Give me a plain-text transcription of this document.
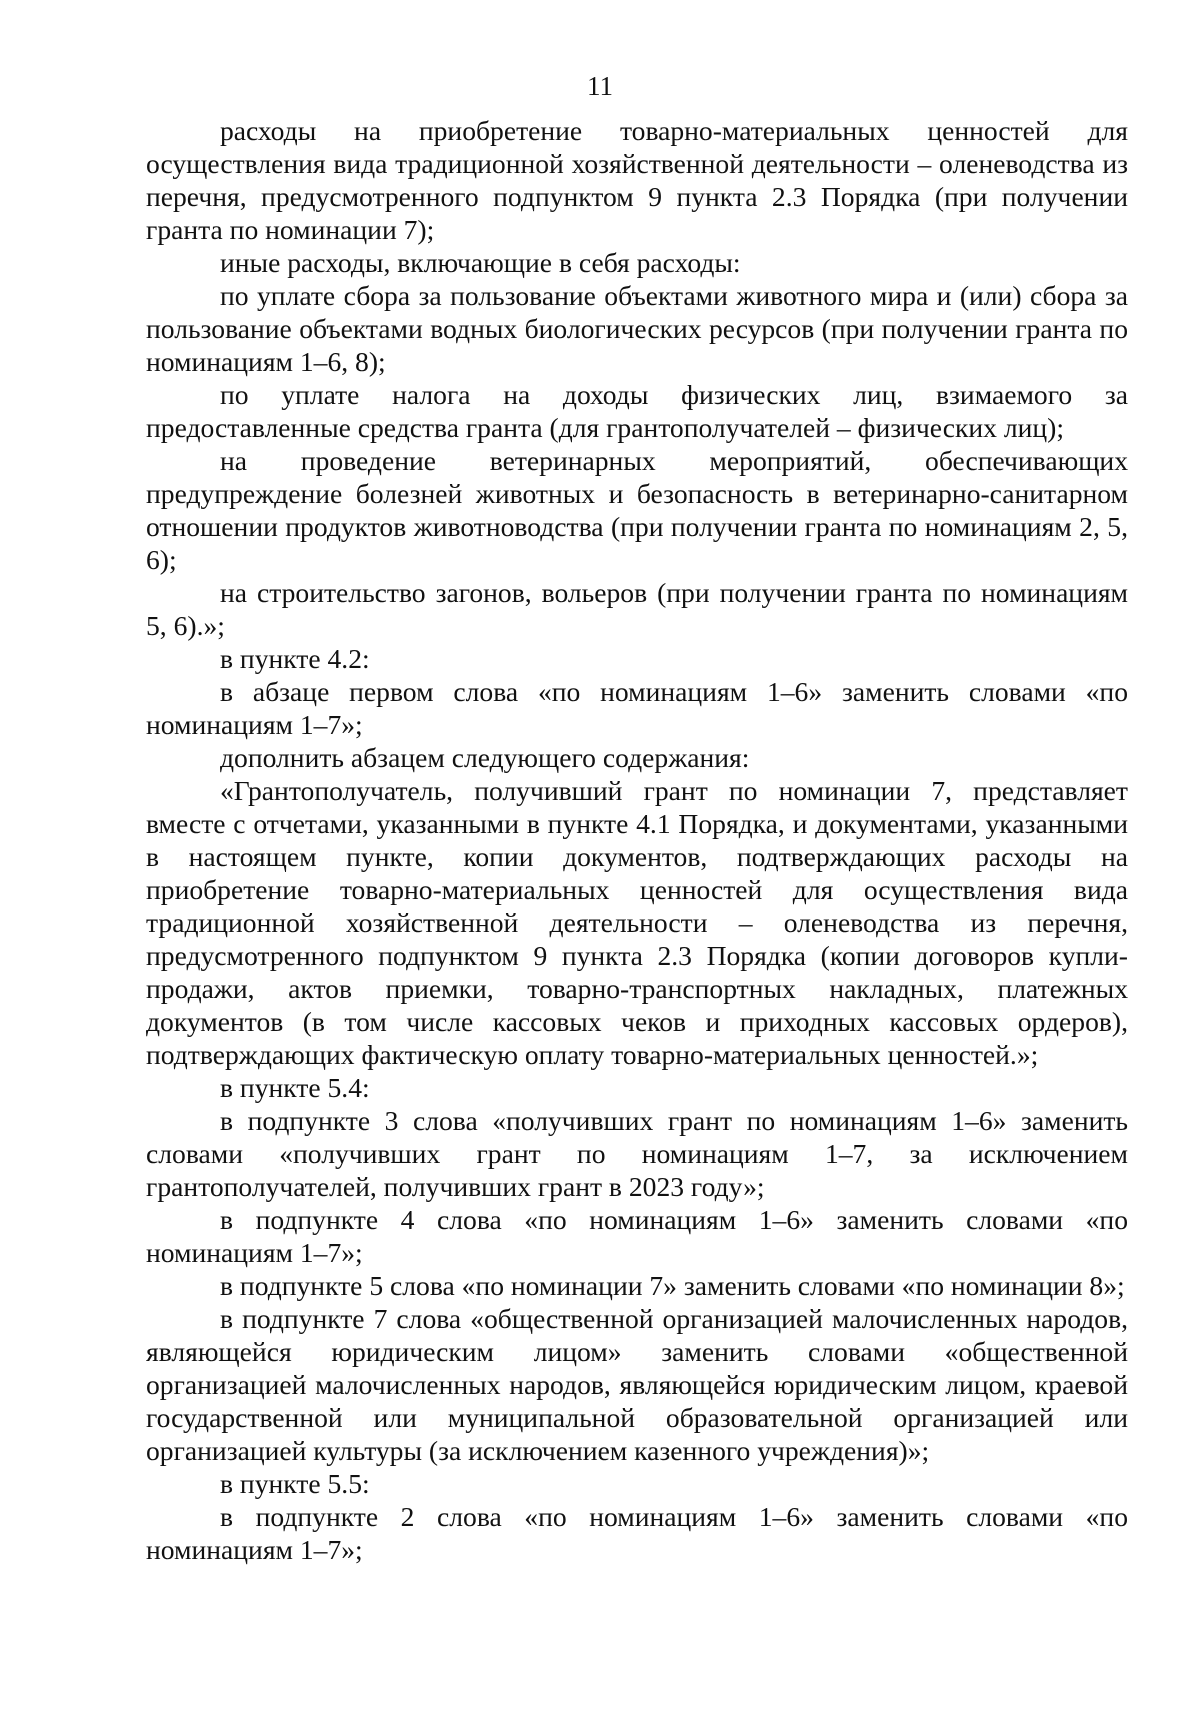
11

расходы на приобретение товарно-материальных ценностей для осуществления вида традиционной хозяйственной деятельности – оленеводства из перечня, предусмотренного подпунктом 9 пункта 2.3 Порядка (при получении гранта по номинации 7);

иные расходы, включающие в себя расходы:

по уплате сбора за пользование объектами животного мира и (или) сбора за пользование объектами водных биологических ресурсов (при получении гранта по номинациям 1–6, 8);

по уплате налога на доходы физических лиц, взимаемого за предоставленные средства гранта (для грантополучателей – физических лиц);

на проведение ветеринарных мероприятий, обеспечивающих предупреждение болезней животных и безопасность в ветеринарно-санитарном отношении продуктов животноводства (при получении гранта по номинациям 2, 5, 6);

на строительство загонов, вольеров (при получении гранта по номинациям 5, 6).»;

в пункте 4.2:

в абзаце первом слова «по номинациям 1–6» заменить словами «по номинациям 1–7»;

дополнить абзацем следующего содержания:

«Грантополучатель, получивший грант по номинации 7, представляет вместе с отчетами, указанными в пункте 4.1 Порядка, и документами, указанными в настоящем пункте, копии документов, подтверждающих расходы на приобретение товарно-материальных ценностей для осуществления вида традиционной хозяйственной деятельности – оленеводства из перечня, предусмотренного подпунктом 9 пункта 2.3 Порядка (копии договоров купли-продажи, актов приемки, товарно-транспортных накладных, платежных документов (в том числе кассовых чеков и приходных кассовых ордеров), подтверждающих фактическую оплату товарно-материальных ценностей.»;

в пункте 5.4:

в подпункте 3 слова «получивших грант по номинациям 1–6» заменить словами «получивших грант по номинациям 1–7, за исключением грантополучателей, получивших грант в 2023 году»;

в подпункте 4 слова «по номинациям 1–6» заменить словами «по номинациям 1–7»;

в подпункте 5 слова «по номинации 7» заменить словами «по номинации 8»;

в подпункте 7 слова «общественной организацией малочисленных народов, являющейся юридическим лицом» заменить словами «общественной организацией малочисленных народов, являющейся юридическим лицом, краевой государственной или муниципальной образовательной организацией или организацией культуры (за исключением казенного учреждения)»;

в пункте 5.5:

в подпункте 2 слова «по номинациям 1–6» заменить словами «по номинациям 1–7»;
